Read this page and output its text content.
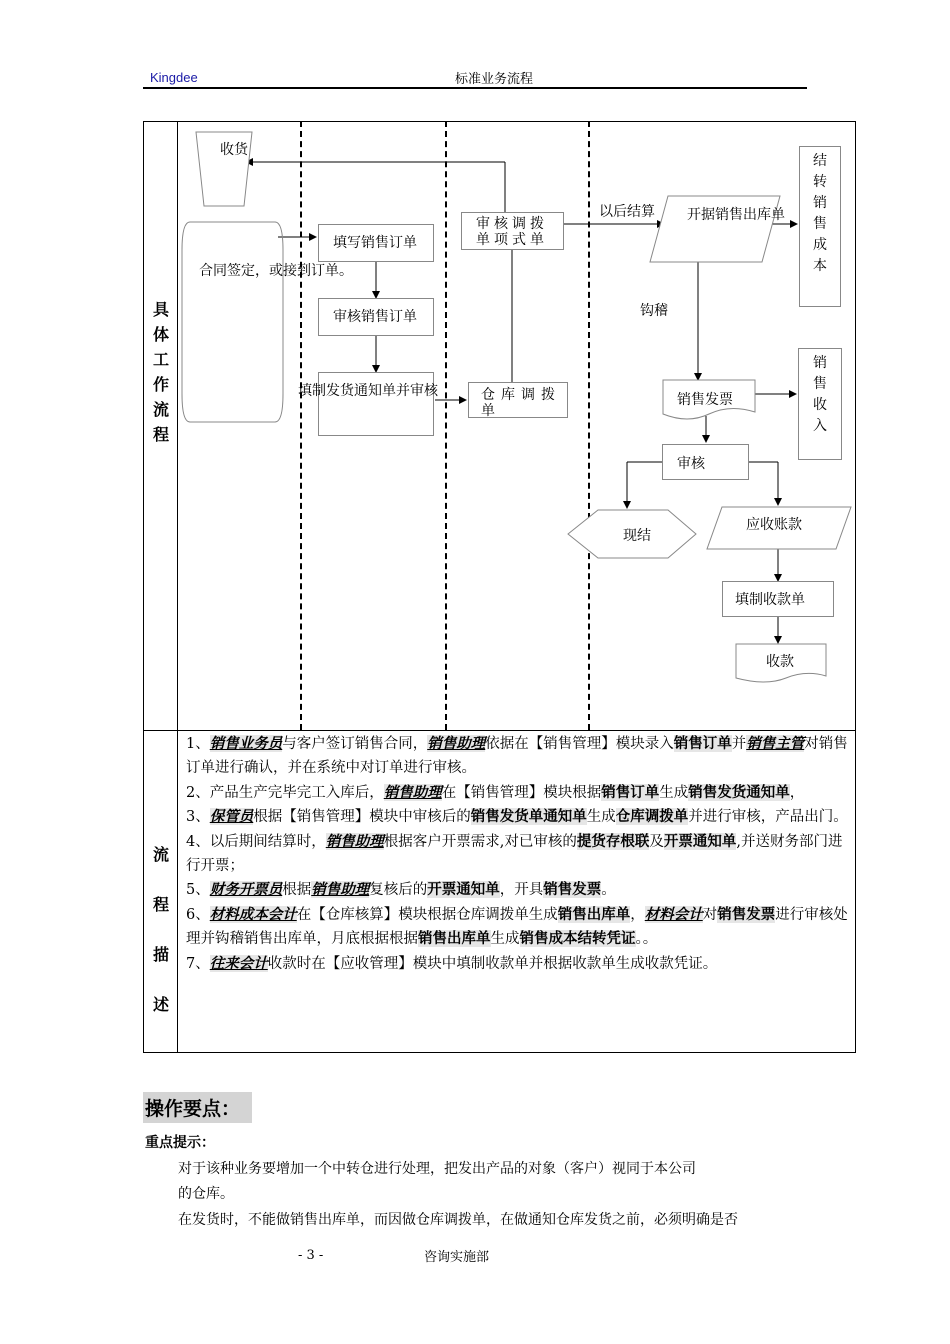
Kingdee	标准业务流程
具
体
工
作
流
程
流
程
描
述
收货
合同签定，或接到订单。
填写销售订单
审核销售订单
填制发货通知单并审核
审核调拨单项式单
仓库调拨单
以后结算 开据销售出库单
结
转
销
售
成
本
钩稽
销售发票
销
售
收
入
审核
现结
应收账款
填制收款单
收款
1、销售业务员与客户签订销售合同，销售助理依据在【销售管理】模块录入销售订单并销售主管对销售订单进行确认，并在系统中对订单进行审核。
2、产品生产完毕完工入库后，销售助理在【销售管理】模块根据销售订单生成销售发货通知单，
3、保管员根据【销售管理】模块中审核后的销售发货单通知单生成仓库调拨单并进行审核，产品出门。
4、以后期间结算时，销售助理根据客户开票需求,对已审核的提货存根联及开票通知单,并送财务部门进行开票；
5、财务开票员根据销售助理复核后的开票通知单，开具销售发票。
6、材料成本会计在【仓库核算】模块根据仓库调拨单生成销售出库单，材料会计对销售发票进行审核处理并钩稽销售出库单，月底根据根据销售出库单生成销售成本结转凭证。。
7、往来会计收款时在【应收管理】模块中填制收款单并根据收款单生成收款凭证。
操作要点：
重点提示：
对于该种业务要增加一个中转仓进行处理，把发出产品的对象（客户）视同于本公司
的仓库。
在发货时，不能做销售出库单，而因做仓库调拨单，在做通知仓库发货之前，必须明确是否
- 3 -	咨询实施部
